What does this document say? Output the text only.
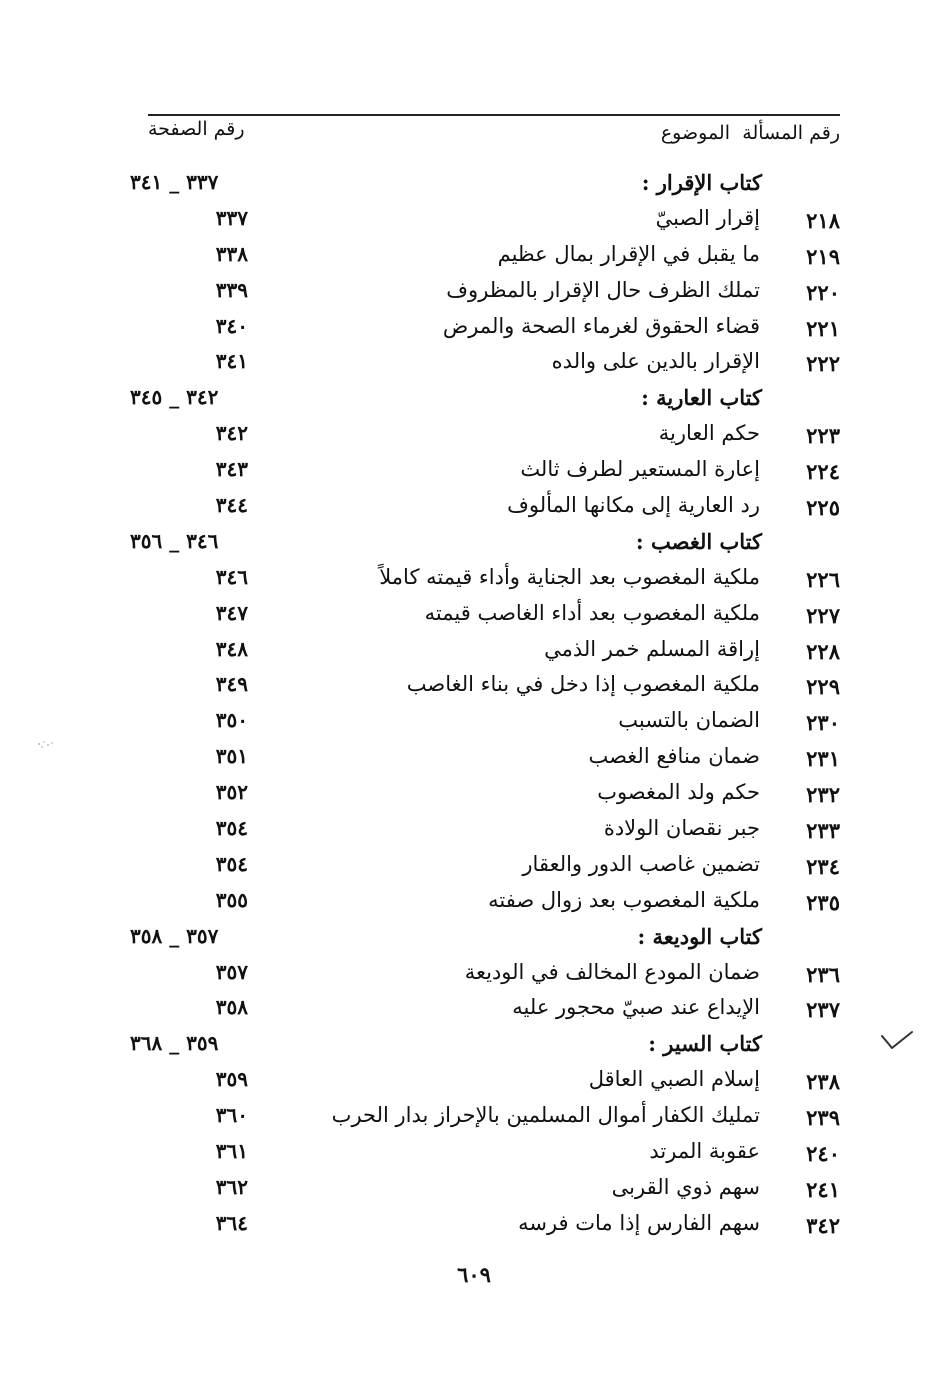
رقم المسألة
الموضوع
رقم الصفحة
كتاب الإقرار :
٣٣٧ _ ٣٤١
٢١٨
إقرار الصبيّ
٣٣٧
٢١٩
ما يقبل في الإقرار بمال عظيم
٣٣٨
٢٢٠
تملك الظرف حال الإقرار بالمظروف
٣٣٩
٢٢١
قضاء الحقوق لغرماء الصحة والمرض
٣٤٠
٢٢٢
الإقرار بالدين على والده
٣٤١
كتاب العارية :
٣٤٢ _ ٣٤٥
٢٢٣
حكم العارية
٣٤٢
٢٢٤
إعارة المستعير لطرف ثالث
٣٤٣
٢٢٥
رد العارية إلى مكانها المألوف
٣٤٤
كتاب الغصب :
٣٤٦ _ ٣٥٦
٢٢٦
ملكية المغصوب بعد الجناية وأداء قيمته كاملاً
٣٤٦
٢٢٧
ملكية المغصوب بعد أداء الغاصب قيمته
٣٤٧
٢٢٨
إراقة المسلم خمر الذمي
٣٤٨
٢٢٩
ملكية المغصوب إذا دخل في بناء الغاصب
٣٤٩
٢٣٠
الضمان بالتسبب
٣٥٠
٢٣١
ضمان منافع الغصب
٣٥١
٢٣٢
حكم ولد المغصوب
٣٥٢
٢٣٣
جبر نقصان الولادة
٣٥٤
٢٣٤
تضمين غاصب الدور والعقار
٣٥٤
٢٣٥
ملكية المغصوب بعد زوال صفته
٣٥٥
كتاب الوديعة :
٣٥٧ _ ٣٥٨
٢٣٦
ضمان المودع المخالف في الوديعة
٣٥٧
٢٣٧
الإيداع عند صبيّ محجور عليه
٣٥٨
كتاب السير :
٣٥٩ _ ٣٦٨
٢٣٨
إسلام الصبي العاقل
٣٥٩
٢٣٩
تمليك الكفار أموال المسلمين بالإحراز بدار الحرب
٣٦٠
٢٤٠
عقوبة المرتد
٣٦١
٢٤١
سهم ذوي القربى
٣٦٢
٣٤٢
سهم الفارس إذا مات فرسه
٣٦٤
٦٠٩
